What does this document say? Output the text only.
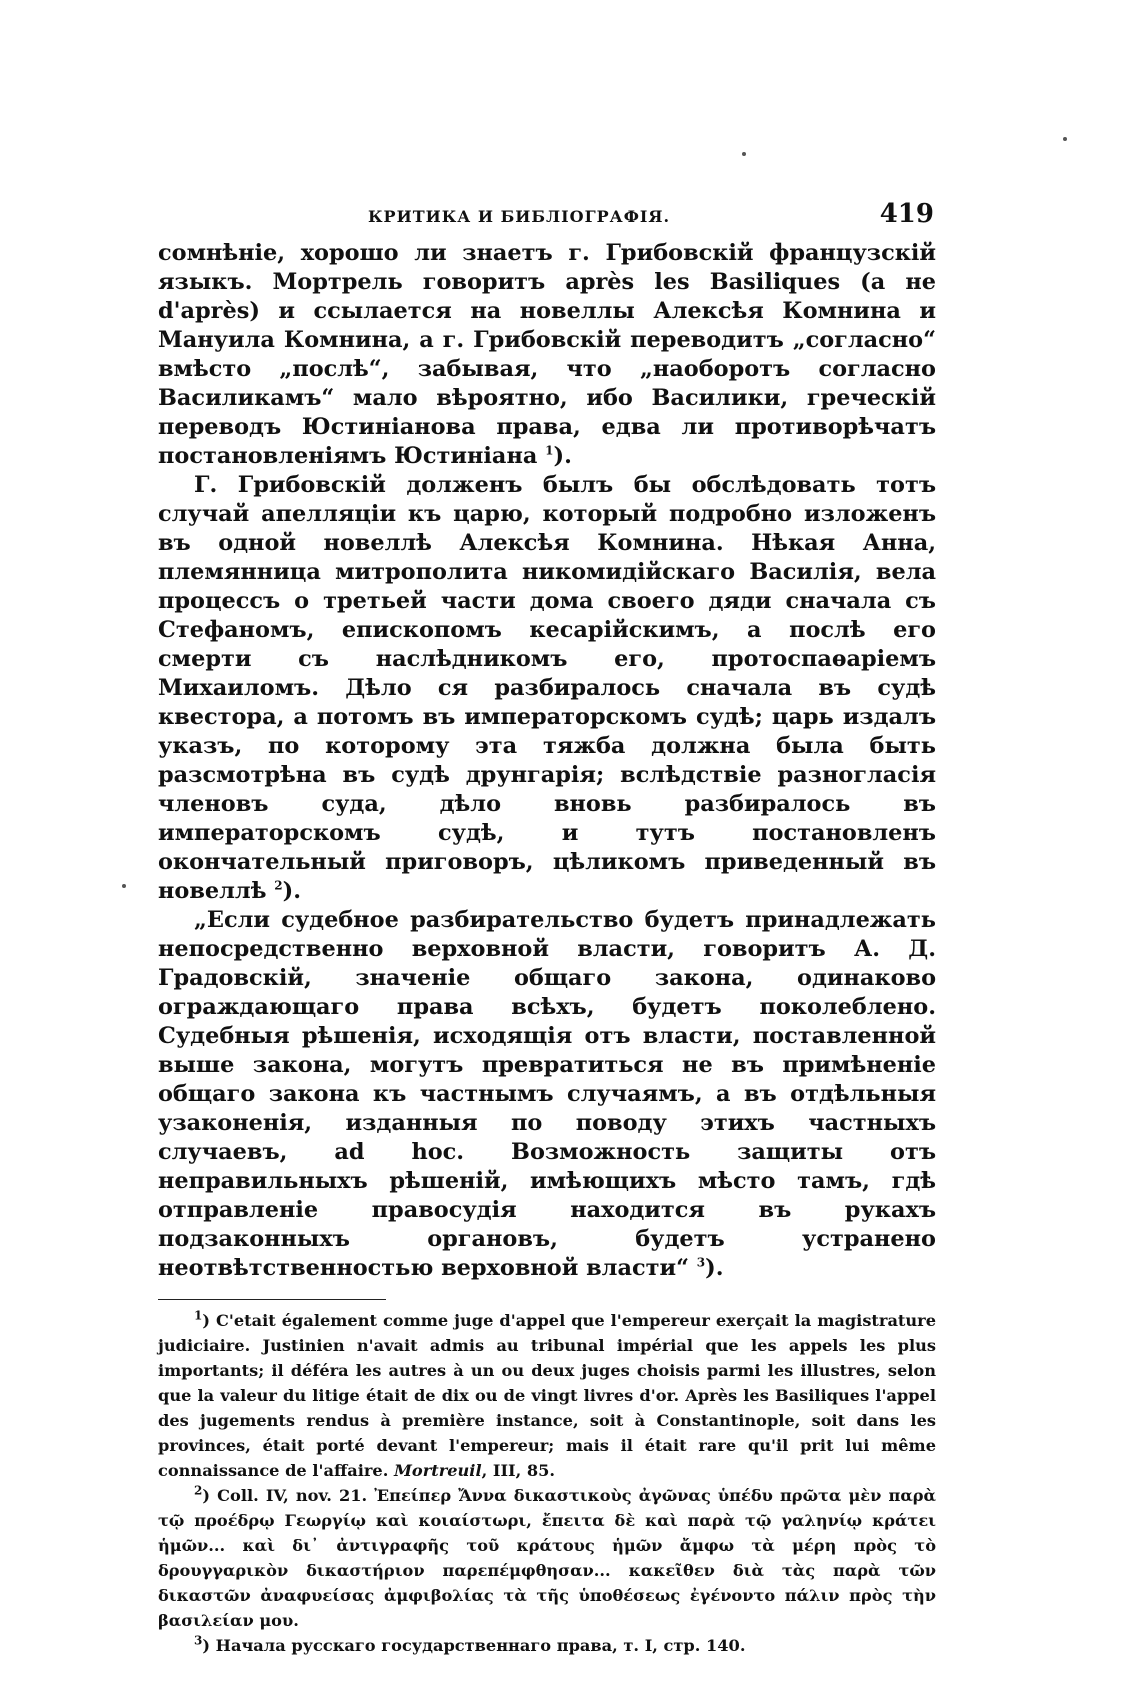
КРИТИКА И БИБЛІОГРАФІЯ.	419

сомнѣніе, хорошо ли знаетъ г. Грибовскій французскій языкъ. Мортрель говоритъ après les Basiliques (а не d'après) и ссылается на новеллы Алексѣя Комнина и Мануила Комнина, а г. Грибовскій переводитъ „согласно“ вмѣсто „послѣ“, забывая, что „наоборотъ согласно Василикамъ“ мало вѣроятно, ибо Василики, греческій переводъ Юстиніанова права, едва ли противорѣчатъ постановленіямъ Юстиніана $^1$).

Г. Грибовскій долженъ былъ бы обслѣдовать тотъ случай апелляціи къ царю, который подробно изложенъ въ одной новеллѣ Алексѣя Комнина. Нѣкая Анна, племянница митрополита никомидійскаго Василія, вела процессъ о третьей части дома своего дяди сначала съ Стефаномъ, епископомъ кесарійскимъ, а послѣ его смерти съ наслѣдникомъ его, протоспаѳаріемъ Михаиломъ. Дѣло ся разбиралось сначала въ судѣ квестора, а потомъ въ императорскомъ судѣ; царь издалъ указъ, по которому эта тяжба должна была быть разсмотрѣна въ судѣ друнгарія; вслѣдствіе разногласія членовъ суда, дѣло вновь разбиралось въ императорскомъ судѣ, и тутъ постановленъ окончательный приговоръ, цѣликомъ приведенный въ новеллѣ $^2$).

„Если судебное разбирательство будетъ принадлежать непосредственно верховной власти, говоритъ А. Д. Градовскій, значеніе общаго закона, одинаково ограждающаго права всѣхъ, будетъ поколеблено. Судебныя рѣшенія, исходящія отъ власти, поставленной выше закона, могутъ превратиться не въ примѣненіе общаго закона къ частнымъ случаямъ, а въ отдѣльныя узаконенія, изданныя по поводу этихъ частныхъ случаевъ, ad hoc. Возможность защиты отъ неправильныхъ рѣшеній, имѣющихъ мѣсто тамъ, гдѣ отправленіе правосудія находится въ рукахъ подзаконныхъ органовъ, будетъ устранено неотвѣтственностью верховной власти“ $^3$).

$^1$) C'etait également comme juge d'appel que l'empereur exerçait la magistrature judiciaire. Justinien n'avait admis au tribunal impérial que les appels les plus importants; il déféra les autres à un ou deux juges choisis parmi les illustres, selon que la valeur du litige était de dix ou de vingt livres d'or. Après les Basiliques l'appel des jugements rendus à première instance, soit à Constantinople, soit dans les provinces, était porté devant l'empereur; mais il était rare qu'il prit lui même connaissance de l'affaire. Mortreuil, III, 85.

$^2$) Coll. IV, nov. 21. Ἐπείπερ Ἄννα δικαστικοὺς ἀγῶνας ὑπέδυ πρῶτα μὲν παρὰ τῷ προέδρῳ Γεωργίῳ καὶ κοιαίστωρι, ἔπειτα δὲ καὶ παρὰ τῷ γαληνίῳ κράτει ἡμῶν... καὶ δι᾽ ἀντιγραφῆς τοῦ κράτους ἡμῶν ἄμφω τὰ μέρη πρὸς τὸ δρουγγαρικὸν δικαστήριον παρεπέμφθησαν... κακεῖθεν διὰ τὰς παρὰ τῶν δικαστῶν ἀναφυείσας ἀμφιβολίας τὰ τῆς ὑποθέσεως ἐγένοντο πάλιν πρὸς τὴν βασιλείαν μου.

$^3$) Начала русскаго государственнаго права, т. I, стр. 140.
